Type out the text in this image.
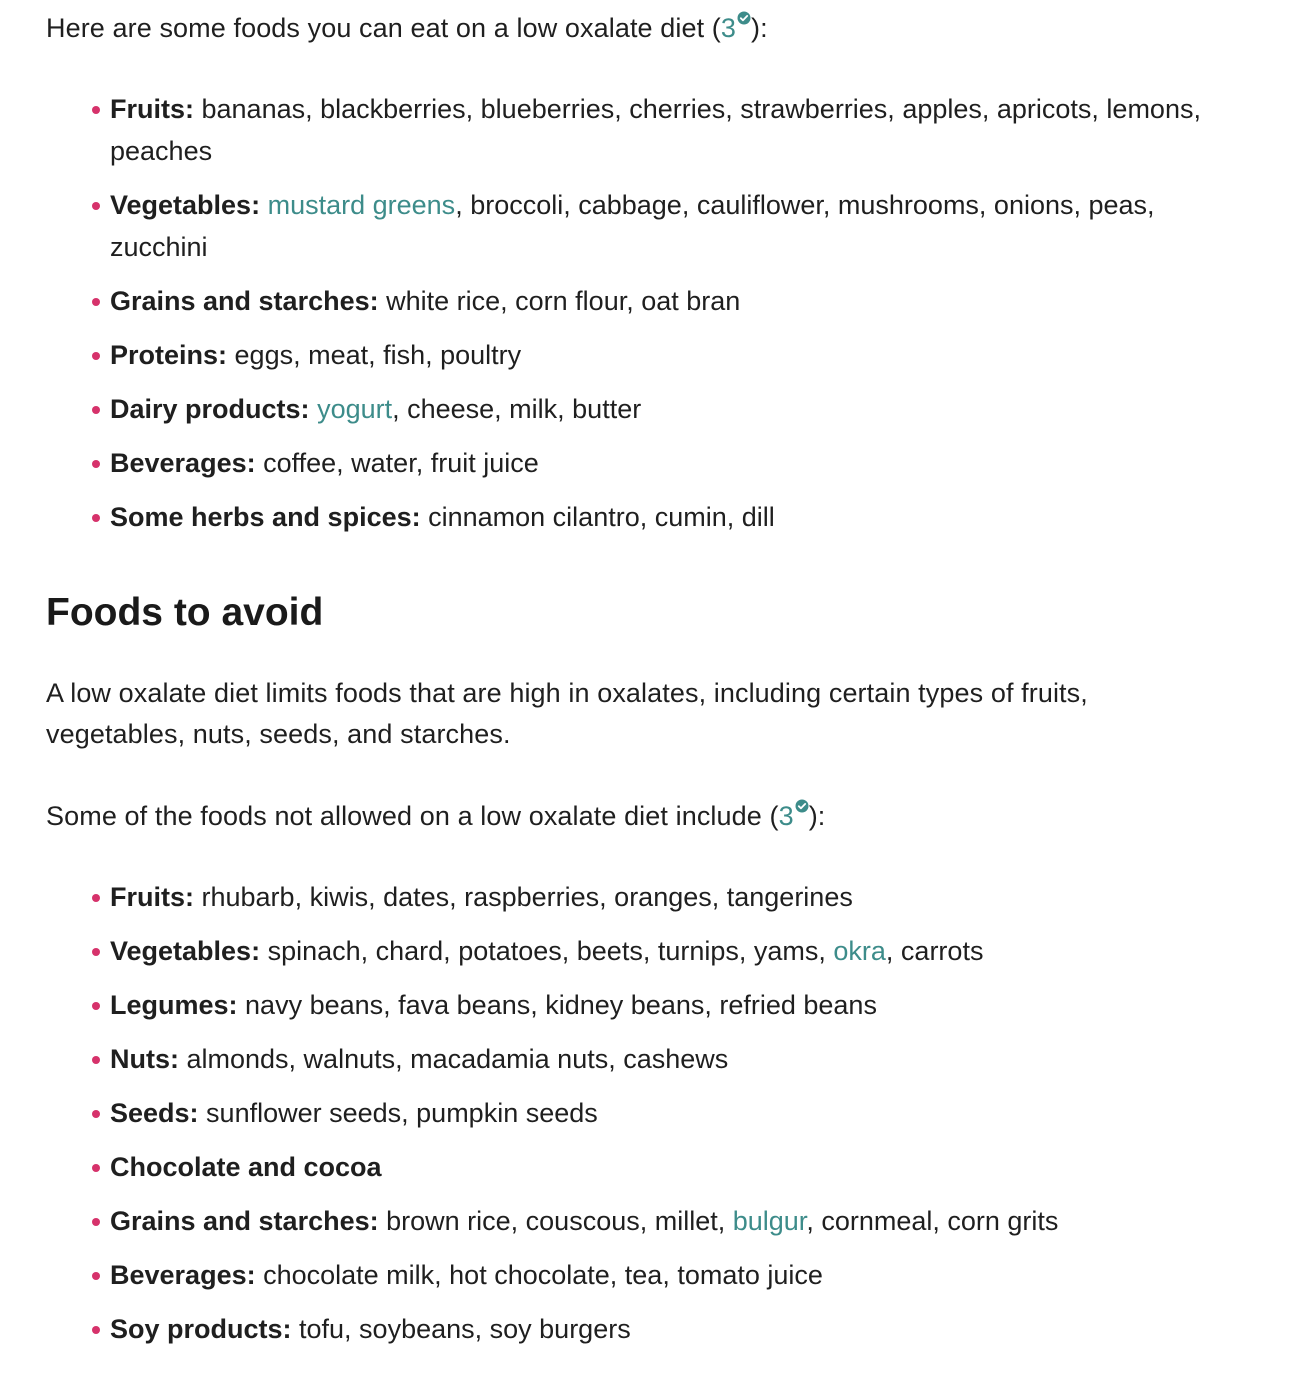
Here are some foods you can eat on a low oxalate diet (3 ):

Fruits: bananas, blackberries, blueberries, cherries, strawberries, apples, apricots, lemons, peaches
Vegetables: mustard greens, broccoli, cabbage, cauliflower, mushrooms, onions, peas, zucchini
Grains and starches: white rice, corn flour, oat bran
Proteins: eggs, meat, fish, poultry
Dairy products: yogurt, cheese, milk, butter
Beverages: coffee, water, fruit juice
Some herbs and spices: cinnamon cilantro, cumin, dill
Foods to avoid

A low oxalate diet limits foods that are high in oxalates, including certain types of fruits, vegetables, nuts, seeds, and starches.

Some of the foods not allowed on a low oxalate diet include (3 ):

Fruits: rhubarb, kiwis, dates, raspberries, oranges, tangerines
Vegetables: spinach, chard, potatoes, beets, turnips, yams, okra, carrots
Legumes: navy beans, fava beans, kidney beans, refried beans
Nuts: almonds, walnuts, macadamia nuts, cashews
Seeds: sunflower seeds, pumpkin seeds
Chocolate and cocoa
Grains and starches: brown rice, couscous, millet, bulgur, cornmeal, corn grits
Beverages: chocolate milk, hot chocolate, tea, tomato juice
Soy products: tofu, soybeans, soy burgers
